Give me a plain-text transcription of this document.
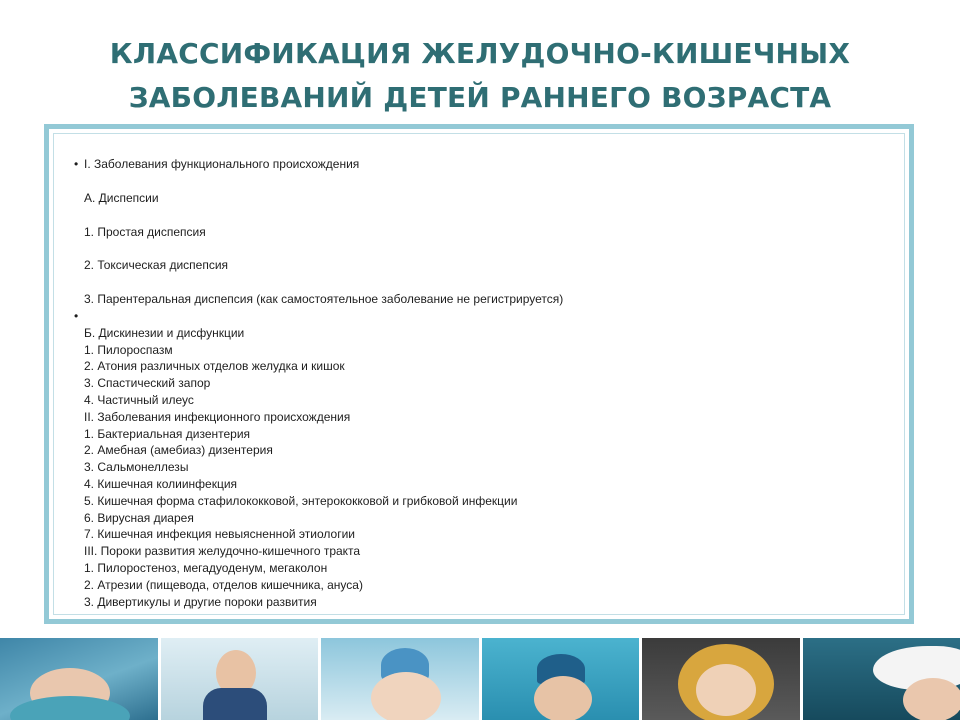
КЛАССИФИКАЦИЯ ЖЕЛУДОЧНО-КИШЕЧНЫХ
ЗАБОЛЕВАНИЙ ДЕТЕЙ РАННЕГО ВОЗРАСТА
• I. Заболевания функционального происхождения
А. Диспепсии
1. Простая диспепсия
2. Токсическая диспепсия
3. Парентеральная диспепсия (как самостоятельное заболевание не регистрируется)
•
Б. Дискинезии и дисфункции
1. Пилороспазм
2. Атония различных отделов желудка и кишок
3. Спастический запор
4. Частичный илеус
II. Заболевания инфекционного происхождения
1. Бактериальная дизентерия
2. Амебная (амебиаз) дизентерия
3. Сальмонеллезы
4. Кишечная колиинфекция
5. Кишечная форма стафилококковой, энтерококковой и грибковой инфекции
6. Вирусная диарея
7. Кишечная инфекция невыясненной этиологии
III. Пороки развития желудочно-кишечного тракта
1. Пилоростеноз, мегадуоденум, мегаколон
2. Атрезии (пищевода, отделов кишечника, ануса)
3. Дивертикулы и другие пороки развития
